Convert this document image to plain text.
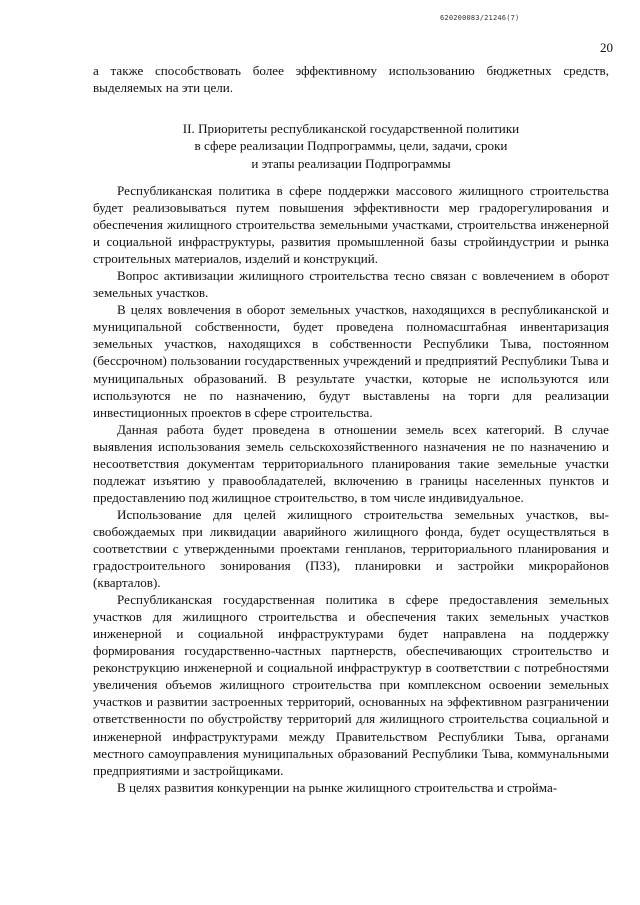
620200083/21246(7)
20
а также способствовать более эффективному использованию бюджетных средств, выделяемых на эти цели.
II. Приоритеты республиканской государственной политики
в сфере реализации Подпрограммы, цели, задачи, сроки
и этапы реализации Подпрограммы

Республиканская политика в сфере поддержки массового жилищного строительства будет реализовываться путем повышения эффективности мер градорегулирования и обеспечения жилищного строительства земельными участками, строительства инженерной и социальной инфраструктуры, развития промышленной базы стройиндустрии и рынка строительных материалов, изделий и конструкций.

Вопрос активизации жилищного строительства тесно связан с вовлечением в оборот земельных участков.

В целях вовлечения в оборот земельных участков, находящихся в республиканской и муниципальной собственности, будет проведена полномасштабная инвентаризация земельных участков, находящихся в собственности Республики Тыва, постоянном (бессрочном) пользовании государственных учреждений и предприятий Республики Тыва и муниципальных образований. В результате участки, которые не используются или используются не по назначению, будут выставлены на торги для реализации инвестиционных проектов в сфере строительства.

Данная работа будет проведена в отношении земель всех категорий. В случае выявления использования земель сельскохозяйственного назначения не по назначению и несоответствия документам территориального планирования такие земельные участки подлежат изъятию у правообладателей, включению в границы населенных пунктов и предоставлению под жилищное строительство, в том числе индивидуальное.

Использование для целей жилищного строительства земельных участков, высвобождаемых при ликвидации аварийного жилищного фонда, будет осуществляться в соответствии с утвержденными проектами генпланов, территориального планирования и градостроительного зонирования (ПЗЗ), планировки и застройки микрорайонов (кварталов).

Республиканская государственная политика в сфере предоставления земельных участков для жилищного строительства и обеспечения таких земельных участков инженерной и социальной инфраструктурами будет направлена на поддержку формирования государственно-частных партнерств, обеспечивающих строительство и реконструкцию инженерной и социальной инфраструктур в соответствии с потребностями увеличения объемов жилищного строительства при комплексном освоении земельных участков и развитии застроенных территорий, основанных на эффективном разграничении ответственности по обустройству территорий для жилищного строительства социальной и инженерной инфраструктурами между Правительством Республики Тыва, органами местного самоуправления муниципальных образований Республики Тыва, коммунальными предприятиями и застройщиками.

В целях развития конкуренции на рынке жилищного строительства и стройма-
